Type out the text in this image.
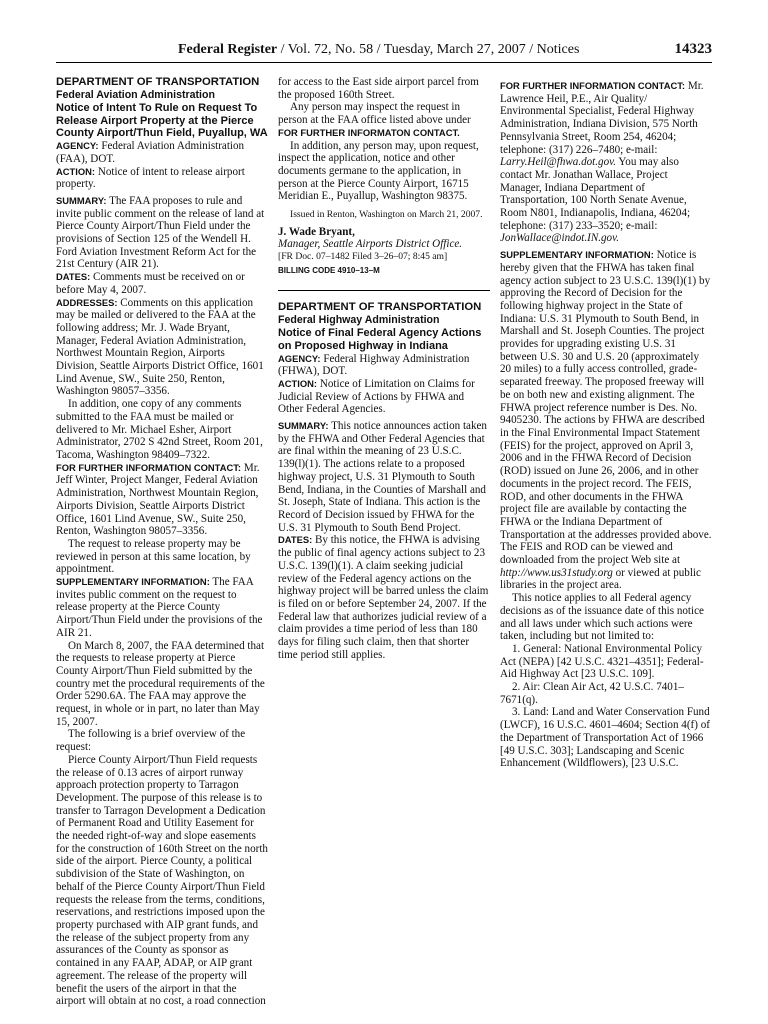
Federal Register / Vol. 72, No. 58 / Tuesday, March 27, 2007 / Notices	14323

DEPARTMENT OF TRANSPORTATION

Federal Aviation Administration

Notice of Intent To Rule on Request To Release Airport Property at the Pierce County Airport/Thun Field, Puyallup, WA

AGENCY: Federal Aviation Administration (FAA), DOT.

ACTION: Notice of intent to release airport property.

SUMMARY: The FAA proposes to rule and invite public comment on the release of land at Pierce County Airport/Thun Field under the provisions of Section 125 of the Wendell H. Ford Aviation Investment Reform Act for the 21st Century (AIR 21).

DATES: Comments must be received on or before May 4, 2007.

ADDRESSES: Comments on this application may be mailed or delivered to the FAA at the following address; Mr. J. Wade Bryant, Manager, Federal Aviation Administration, Northwest Mountain Region, Airports Division, Seattle Airports District Office, 1601 Lind Avenue, SW., Suite 250, Renton, Washington 98057–3356.

In addition, one copy of any comments submitted to the FAA must be mailed or delivered to Mr. Michael Esher, Airport Administrator, 2702 S 42nd Street, Room 201, Tacoma, Washington 98409–7322.

FOR FURTHER INFORMATION CONTACT: Mr. Jeff Winter, Project Manger, Federal Aviation Administration, Northwest Mountain Region, Airports Division, Seattle Airports District Office, 1601 Lind Avenue, SW., Suite 250, Renton, Washington 98057–3356.

The request to release property may be reviewed in person at this same location, by appointment.

SUPPLEMENTARY INFORMATION: The FAA invites public comment on the request to release property at the Pierce County Airport/Thun Field under the provisions of the AIR 21.

On March 8, 2007, the FAA determined that the requests to release property at Pierce County Airport/Thun Field submitted by the country met the procedural requirements of the Order 5290.6A. The FAA may approve the request, in whole or in part, no later than May 15, 2007.

The following is a brief overview of the request:

Pierce County Airport/Thun Field requests the release of 0.13 acres of airport runway approach protection property to Tarragon Development. The purpose of this release is to transfer to Tarragon Development a Dedication of Permanent Road and Utility Easement for the needed right-of-way and slope easements for the construction of 160th Street on the north side of the airport. Pierce County, a political subdivision of the State of Washington, on behalf of the Pierce County Airport/Thun Field requests the release from the terms, conditions, reservations, and restrictions imposed upon the property purchased with AIP grant funds, and the release of the subject property from any assurances of the County as sponsor as contained in any FAAP, ADAP, or AIP grant agreement. The release of the property will benefit the users of the airport in that the airport will obtain at no cost, a road connection

for access to the East side airport parcel from the proposed 160th Street.

Any person may inspect the request in person at the FAA office listed above under FOR FURTHER INFORMATON CONTACT.

In addition, any person may, upon request, inspect the application, notice and other documents germane to the application, in person at the Pierce County Airport, 16715 Meridian E., Puyallup, Washington 98375.

Issued in Renton, Washington on March 21, 2007.

J. Wade Bryant,

Manager, Seattle Airports District Office.

[FR Doc. 07–1482 Filed 3–26–07; 8:45 am]

BILLING CODE 4910–13–M

DEPARTMENT OF TRANSPORTATION

Federal Highway Administration

Notice of Final Federal Agency Actions on Proposed Highway in Indiana

AGENCY: Federal Highway Administration (FHWA), DOT.

ACTION: Notice of Limitation on Claims for Judicial Review of Actions by FHWA and Other Federal Agencies.

SUMMARY: This notice announces action taken by the FHWA and Other Federal Agencies that are final within the meaning of 23 U.S.C. 139(l)(1). The actions relate to a proposed highway project, U.S. 31 Plymouth to South Bend, Indiana, in the Counties of Marshall and St. Joseph, State of Indiana. This action is the Record of Decision issued by FHWA for the U.S. 31 Plymouth to South Bend Project.

DATES: By this notice, the FHWA is advising the public of final agency actions subject to 23 U.S.C. 139(l)(1). A claim seeking judicial review of the Federal agency actions on the highway project will be barred unless the claim is filed on or before September 24, 2007. If the Federal law that authorizes judicial review of a claim provides a time period of less than 180 days for filing such claim, then that shorter time period still applies.

FOR FURTHER INFORMATION CONTACT: Mr. Lawrence Heil, P.E., Air Quality/ Environmental Specialist, Federal Highway Administration, Indiana Division, 575 North Pennsylvania Street, Room 254, 46204; telephone: (317) 226–7480; e-mail: Larry.Heil@fhwa.dot.gov. You may also contact Mr. Jonathan Wallace, Project Manager, Indiana Department of Transportation, 100 North Senate Avenue, Room N801, Indianapolis, Indiana, 46204; telephone: (317) 233–3520; e-mail: JonWallace@indot.IN.gov.

SUPPLEMENTARY INFORMATION: Notice is hereby given that the FHWA has taken final agency action subject to 23 U.S.C. 139(l)(1) by approving the Record of Decision for the following highway project in the State of Indiana: U.S. 31 Plymouth to South Bend, in Marshall and St. Joseph Counties. The project provides for upgrading existing U.S. 31 between U.S. 30 and U.S. 20 (approximately 20 miles) to a fully access controlled, grade-separated freeway. The proposed freeway will be on both new and existing alignment. The FHWA project reference number is Des. No. 9405230. The actions by FHWA are described in the Final Environmental Impact Statement (FEIS) for the project, approved on April 3, 2006 and in the FHWA Record of Decision (ROD) issued on June 26, 2006, and in other documents in the project record. The FEIS, ROD, and other documents in the FHWA project file are available by contacting the FHWA or the Indiana Department of Transportation at the addresses provided above. The FEIS and ROD can be viewed and downloaded from the project Web site at http://www.us31study.org or viewed at public libraries in the project area.

This notice applies to all Federal agency decisions as of the issuance date of this notice and all laws under which such actions were taken, including but not limited to:

1. General: National Environmental Policy Act (NEPA) [42 U.S.C. 4321–4351]; Federal-Aid Highway Act [23 U.S.C. 109].

2. Air: Clean Air Act, 42 U.S.C. 7401–7671(q).

3. Land: Land and Water Conservation Fund (LWCF), 16 U.S.C. 4601–4604; Section 4(f) of the Department of Transportation Act of 1966 [49 U.S.C. 303]; Landscaping and Scenic Enhancement (Wildflowers), [23 U.S.C.
